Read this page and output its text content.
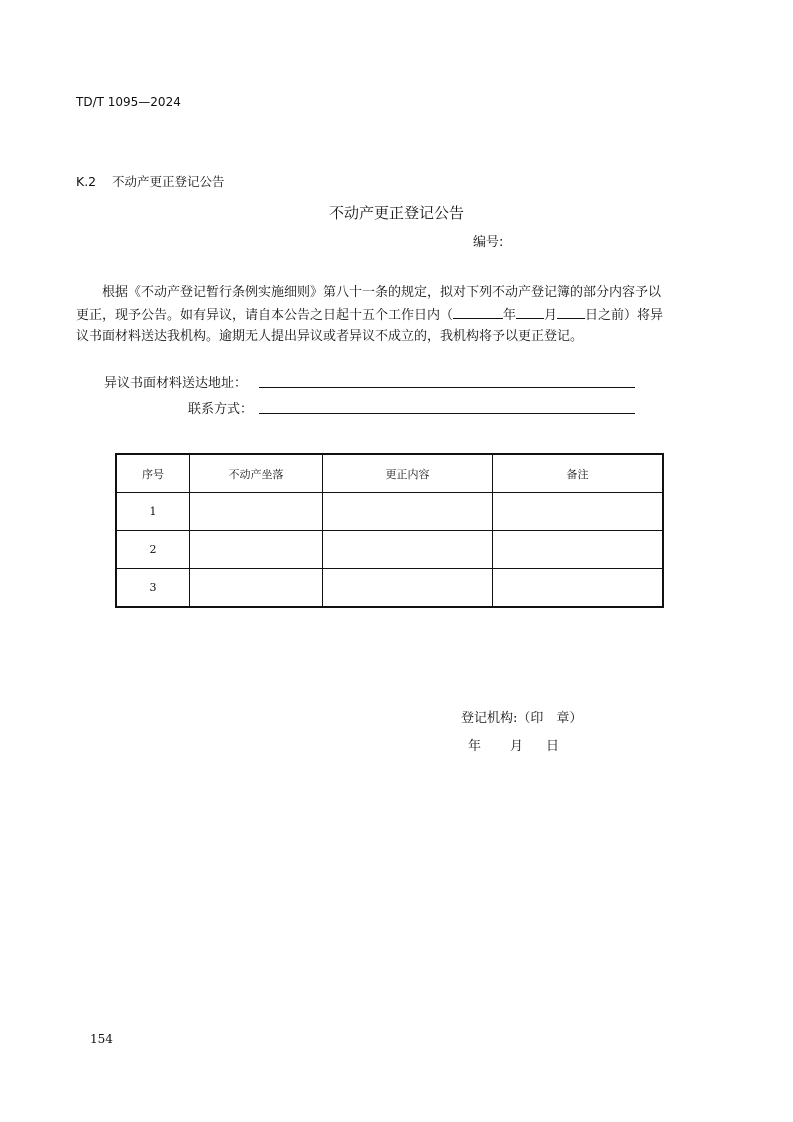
TD/T 1095—2024
K.2 不动产更正登记公告
不动产更正登记公告
编号:
根据《不动产登记暂行条例实施细则》第八十一条的规定，拟对下列不动产登记簿的部分内容予以
更正，现予公告。如有异议，请自本公告之日起十五个工作日内（	年 月 日之前）将异
议书面材料送达我机构。逾期无人提出异议或者异议不成立的，我机构将予以更正登记。
异议书面材料送达地址：
联系方式：
序号	不动产坐落	更正内容	备注
1			
2			
3			
登记机构:（印　章）
年 月 日
154
